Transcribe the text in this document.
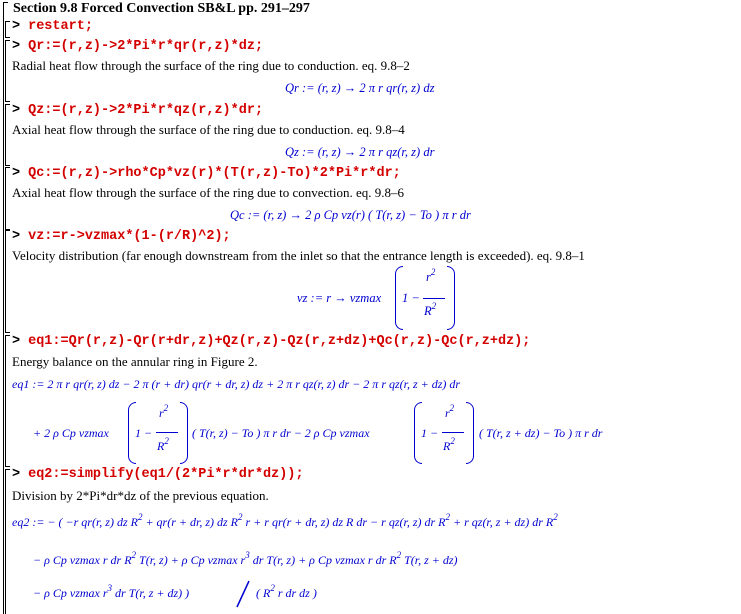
Section 9.8 Forced Convection SB&L pp. 291–297
> restart;
> Qr:=(r,z)->2*Pi*r*qr(r,z)*dz;
Radial heat flow through the surface of the ring due to conduction. eq. 9.8–2
Qr := (r, z) → 2 π r qr(r, z) dz
> Qz:=(r,z)->2*Pi*r*qz(r,z)*dr;
Axial heat flow through the surface of the ring due to conduction. eq. 9.8–4
Qz := (r, z) → 2 π r qz(r, z) dr
> Qc:=(r,z)->rho*Cp*vz(r)*(T(r,z)-To)*2*Pi*r*dr;
Axial heat flow through the surface of the ring due to convection. eq. 9.8–6
Qc := (r, z) → 2 ρ Cp vz(r) ( T(r, z) − To ) π r dr
> vz:=r->vzmax*(1-(r/R)^2);
Velocity distribution (far enough downstream from the inlet so that the entrance length is exceeded). eq. 9.8–1
vz := r → vzmax 1 −
$r^2$
$R^2$
> eq1:=Qr(r,z)-Qr(r+dr,z)+Qz(r,z)-Qz(r,z+dz)+Qc(r,z)-Qc(r,z+dz);
Energy balance on the annular ring in Figure 2.
eq1 := 2 π r qr(r, z) dz − 2 π (r + dr) qr(r + dr, z) dz + 2 π r qz(r, z) dr − 2 π r qz(r, z + dz) dr
+ 2 ρ Cp vzmax 1 −
$r^2$
$R^2$
( T(r, z) − To ) π r dr − 2 ρ Cp vzmax	1 −
$r^2$
$R^2$
( T(r, z + dz) − To ) π r dr
> eq2:=simplify(eq1/(2*Pi*r*dr*dz));
Division by 2*Pi*dr*dz of the previous equation.
eq2 := − ( −r qr(r, z) dz $R^2 + qr(r$ + dr, z) dz $R^2$ r + r qr(r + dr, z) dz R dr − r qz(r, z) dr $R^2 + r$ qz(r, z + dz) dr $R^2$
− ρ Cp vzmax r dr $R^2$ T(r, z) + ρ Cp vzmax $r^3$ dr T(r, z) + ρ Cp vzmax r dr $R^2$ T(r, z + dz)
− ρ Cp vzmax $r^3$ dr T(r, z + dz) )	( $R^2$ r dr dz )
